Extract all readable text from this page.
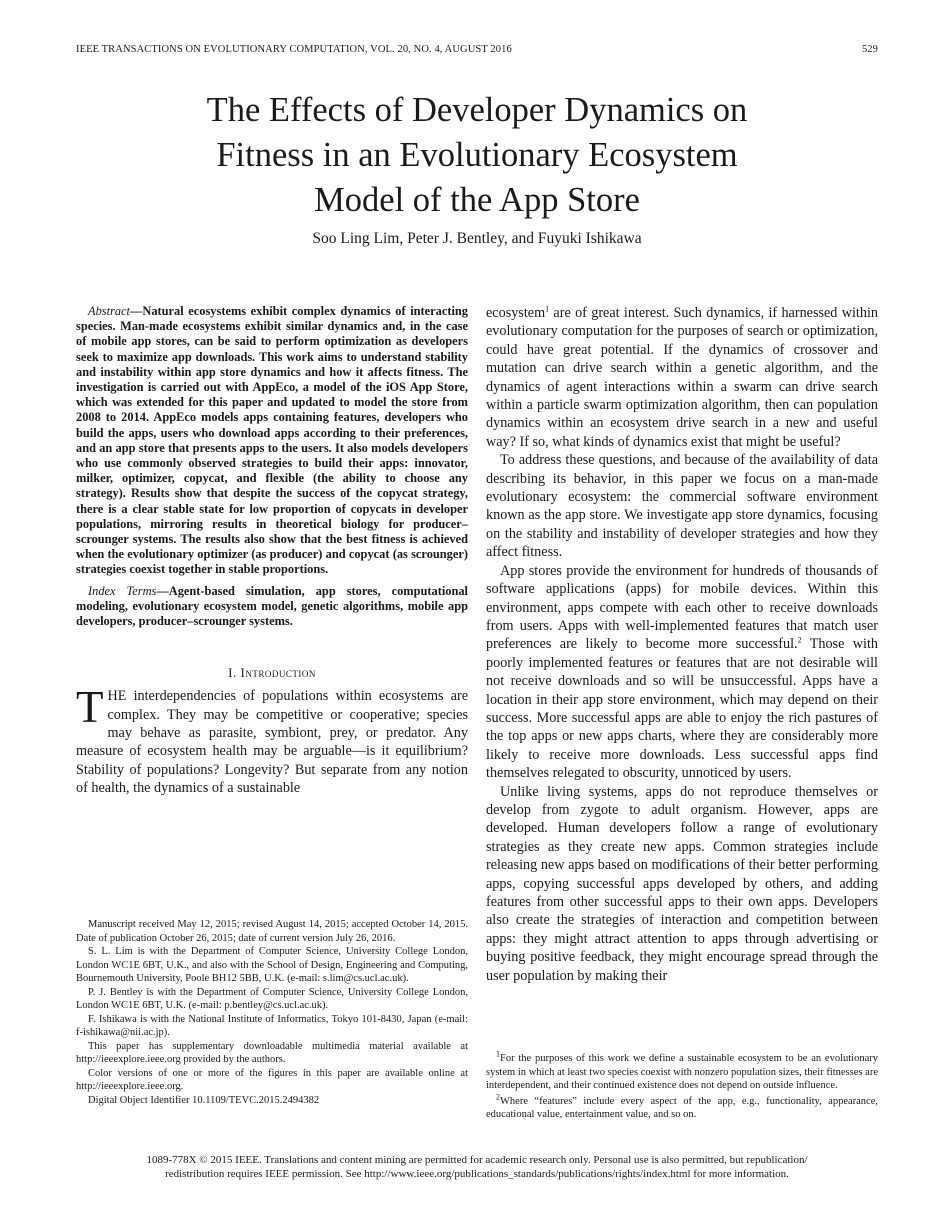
IEEE TRANSACTIONS ON EVOLUTIONARY COMPUTATION, VOL. 20, NO. 4, AUGUST 2016	529
The Effects of Developer Dynamics on
Fitness in an Evolutionary Ecosystem
Model of the App Store
Soo Ling Lim, Peter J. Bentley, and Fuyuki Ishikawa

Abstract—Natural ecosystems exhibit complex dynamics of interacting species. Man-made ecosystems exhibit similar dynamics and, in the case of mobile app stores, can be said to perform optimization as developers seek to maximize app downloads. This work aims to understand stability and instability within app store dynamics and how it affects fitness. The investigation is carried out with AppEco, a model of the iOS App Store, which was extended for this paper and updated to model the store from 2008 to 2014. AppEco models apps containing features, developers who build the apps, users who download apps according to their preferences, and an app store that presents apps to the users. It also models developers who use commonly observed strategies to build their apps: innovator, milker, optimizer, copycat, and flexible (the ability to choose any strategy). Results show that despite the success of the copycat strategy, there is a clear stable state for low proportion of copycats in developer populations, mirroring results in theoretical biology for producer–scrounger systems. The results also show that the best fitness is achieved when the evolutionary optimizer (as producer) and copycat (as scrounger) strategies coexist together in stable proportions.

Index Terms—Agent-based simulation, app stores, computational modeling, evolutionary ecosystem model, genetic algorithms, mobile app developers, producer–scrounger systems.

I. Introduction

THE interdependencies of populations within ecosystems are complex. They may be competitive or cooperative; species may behave as parasite, symbiont, prey, or predator. Any measure of ecosystem health may be arguable—is it equilibrium? Stability of populations? Longevity? But separate from any notion of health, the dynamics of a sustainable

Manuscript received May 12, 2015; revised August 14, 2015; accepted October 14, 2015. Date of publication October 26, 2015; date of current version July 26, 2016.

S. L. Lim is with the Department of Computer Science, University College London, London WC1E 6BT, U.K., and also with the School of Design, Engineering and Computing, Bournemouth University, Poole BH12 5BB, U.K. (e-mail: s.lim@cs.ucl.ac.uk).

P. J. Bentley is with the Department of Computer Science, University College London, London WC1E 6BT, U.K. (e-mail: p.bentley@cs.ucl.ac.uk).

F. Ishikawa is with the National Institute of Informatics, Tokyo 101-8430, Japan (e-mail: f-ishikawa@nii.ac.jp).

This paper has supplementary downloadable multimedia material available at http://ieeexplore.ieee.org provided by the authors.

Color versions of one or more of the figures in this paper are available online at http://ieeexplore.ieee.org.

Digital Object Identifier 10.1109/TEVC.2015.2494382

ecosystem$^1$ are of great interest. Such dynamics, if harnessed within evolutionary computation for the purposes of search or optimization, could have great potential. If the dynamics of crossover and mutation can drive search within a genetic algorithm, and the dynamics of agent interactions within a swarm can drive search within a particle swarm optimization algorithm, then can population dynamics within an ecosystem drive search in a new and useful way? If so, what kinds of dynamics exist that might be useful?

To address these questions, and because of the availability of data describing its behavior, in this paper we focus on a man-made evolutionary ecosystem: the commercial software environment known as the app store. We investigate app store dynamics, focusing on the stability and instability of developer strategies and how they affect fitness.

App stores provide the environment for hundreds of thousands of software applications (apps) for mobile devices. Within this environment, apps compete with each other to receive downloads from users. Apps with well-implemented features that match user preferences are likely to become more successful.$^2$ Those with poorly implemented features or features that are not desirable will not receive downloads and so will be unsuccessful. Apps have a location in their app store environment, which may depend on their success. More successful apps are able to enjoy the rich pastures of the top apps or new apps charts, where they are considerably more likely to receive more downloads. Less successful apps find themselves relegated to obscurity, unnoticed by users.

Unlike living systems, apps do not reproduce themselves or develop from zygote to adult organism. However, apps are developed. Human developers follow a range of evolutionary strategies as they create new apps. Common strategies include releasing new apps based on modifications of their better performing apps, copying successful apps developed by others, and adding features from other successful apps to their own apps. Developers also create the strategies of interaction and competition between apps: they might attract attention to apps through advertising or buying positive feedback, they might encourage spread through the user population by making their

$^1$For the purposes of this work we define a sustainable ecosystem to be an evolutionary system in which at least two species coexist with nonzero population sizes, their fitnesses are interdependent, and their continued existence does not depend on outside influence.

$^2$Where “features” include every aspect of the app, e.g., functionality, appearance, educational value, entertainment value, and so on.

1089-778X © 2015 IEEE. Translations and content mining are permitted for academic research only. Personal use is also permitted, but republication/
redistribution requires IEEE permission. See http://www.ieee.org/publications_standards/publications/rights/index.html for more information.
